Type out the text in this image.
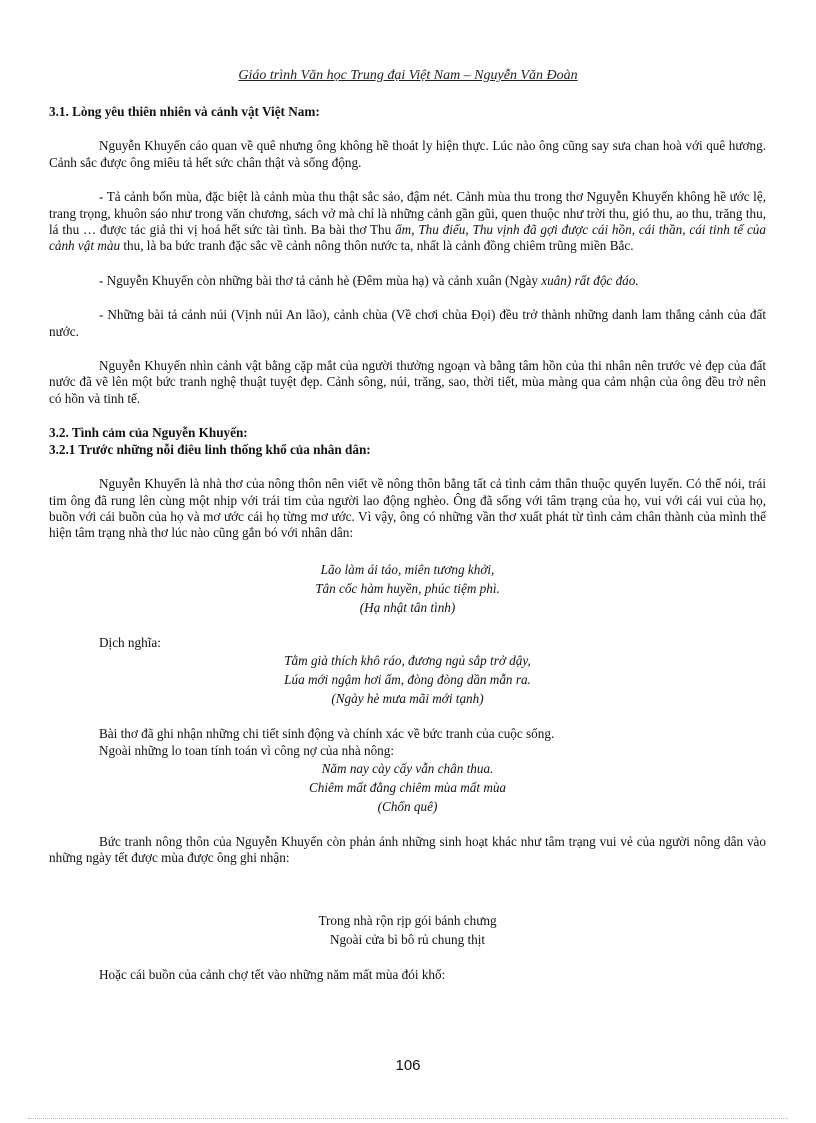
Giáo trình Văn học Trung đại Việt Nam – Nguyễn Văn Đoàn

3.1. Lòng yêu thiên nhiên và cảnh vật Việt Nam:

Nguyễn Khuyến cáo quan về quê nhưng ông không hề thoát ly hiện thực. Lúc nào ông cũng say sưa chan hoà với quê hương. Cảnh sắc được ông miêu tả hết sức chân thật và sống động.

- Tả cảnh bốn mùa, đặc biệt là cảnh mùa thu thật sắc sảo, đậm nét. Cảnh mùa thu trong thơ Nguyễn Khuyến không hề ước lệ, trang trọng, khuôn sáo như trong văn chương, sách vở mà chỉ là những cảnh gần gũi, quen thuộc như trời thu, gió thu, ao thu, trăng thu, lá thu … được tác giả thi vị hoá hết sức tài tình. Ba bài thơ Thu ẩm, Thu điếu, Thu vịnh đã gợi được cái hồn, cái thần, cái tinh tế của cảnh vật màu thu, là ba bức tranh đặc sắc về cảnh nông thôn nước ta, nhất là cảnh đồng chiêm trũng miền Bắc.

- Nguyễn Khuyến còn những bài thơ tả cảnh hè (Đêm mùa hạ) và cảnh xuân (Ngày xuân) rất độc đáo.

- Những bài tả cảnh núi (Vịnh núi An lão), cảnh chùa (Về chơi chùa Đọi) đều trở thành những danh lam thắng cảnh của đất nước.

Nguyễn Khuyến nhìn cảnh vật bằng cặp mắt của người thưởng ngoạn và bằng tâm hồn của thi nhân nên trước vẻ đẹp của đất nước đã vẽ lên một bức tranh nghệ thuật tuyệt đẹp. Cảnh sông, núi, trăng, sao, thời tiết, mùa màng qua cảm nhận của ông đều trở nên có hồn và tinh tế.

3.2. Tình cảm của Nguyễn Khuyến:

3.2.1 Trước những nỗi điêu linh thống khổ của nhân dân:

Nguyễn Khuyến là nhà thơ của nông thôn nên viết về nông thôn bằng tất cả tình cảm thân thuộc quyến luyến. Có thể nói, trái tim ông đã rung lên cùng một nhịp với trái tim của người lao động nghèo. Ông đã sống với tâm trạng của họ, vui với cái vui của họ, buồn với cái buồn của họ và mơ ước cái họ từng mơ ước. Vì vậy, ông có những vần thơ xuất phát từ tình cảm chân thành của mình thể hiện tâm trạng nhà thơ lúc nào cũng gắn bó với nhân dân:

Lão làm ái táo, miên tương khởi,
Tân cốc hàm huyền, phúc tiệm phì.
(Hạ nhật tân tình)

Dịch nghĩa:

Tằm già thích khô ráo, đương ngủ sắp trở dậy,
Lúa mới ngậm hơi ấm, đòng đòng dần mẫn ra.
(Ngày hè mưa mãi mới tạnh)

Bài thơ đã ghi nhận những chi tiết sinh động và chính xác về bức tranh của cuộc sống.

Ngoài những lo toan tính toán vì công nợ của nhà nông:

Năm nay cày cấy vẫn chân thua.
Chiêm mất đằng chiêm mùa mất mùa
(Chốn quê)

Bức tranh nông thôn của Nguyễn Khuyến còn phản ánh những sinh hoạt khác như tâm trạng vui vẻ của người nông dân vào những ngày tết được mùa được ông ghi nhận:

Trong nhà rộn rịp gói bánh chưng
Ngoài cửa bì bô rủ chung thịt

Hoặc cái buồn của cảnh chợ tết vào những năm mất mùa đói khổ:

106
